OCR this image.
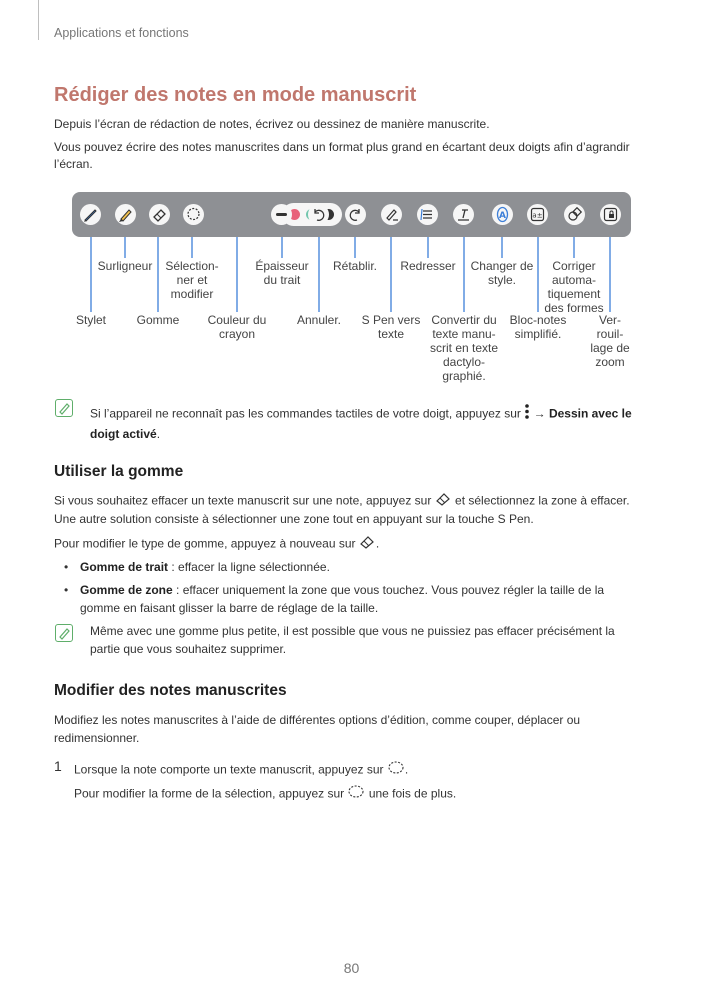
Applications et fonctions
Rédiger des notes en mode manuscrit

Depuis l’écran de rédaction de notes, écrivez ou dessinez de manière manuscrite.

Vous pouvez écrire des notes manuscrites dans un format plus grand en écartant deux doigts afin d’agrandir

l’écran.

A	a±
Surligneur Sélection-
ner et
modifier
Épaisseur
du trait
Rétablir. Redresser Changer de
style.
Corriger
automa-
tiquement
des formes
Stylet	Gomme Couleur du
crayon
Annuler. S Pen vers
texte
Convertir du
texte manu-
scrit en texte
dactylo-
graphié.
Bloc-notes
simplifié.
Ver-
rouil-
lage de
zoom

Si l’appareil ne reconnaît pas les commandes tactiles de votre doigt, appuyez sur → Dessin avec le
doigt activé.

Utiliser la gomme

Si vous souhaitez effacer un texte manuscrit sur une note, appuyez sur et sélectionnez la zone à effacer.

Une autre solution consiste à sélectionner une zone tout en appuyant sur la touche S Pen.

Pour modifier le type de gomme, appuyez à nouveau sur .

• Gomme de trait : effacer la ligne sélectionnée.

• Gomme de zone : effacer uniquement la zone que vous touchez. Vous pouvez régler la taille de la
gomme en faisant glisser la barre de réglage de la taille.

Même avec une gomme plus petite, il est possible que vous ne puissiez pas effacer précisément la
partie que vous souhaitez supprimer.

Modifier des notes manuscrites

Modifiez les notes manuscrites à l’aide de différentes options d’édition, comme couper, déplacer ou
redimensionner.

1 Lorsque la note comporte un texte manuscrit, appuyez sur .

Pour modifier la forme de la sélection, appuyez sur  une fois de plus.

80
